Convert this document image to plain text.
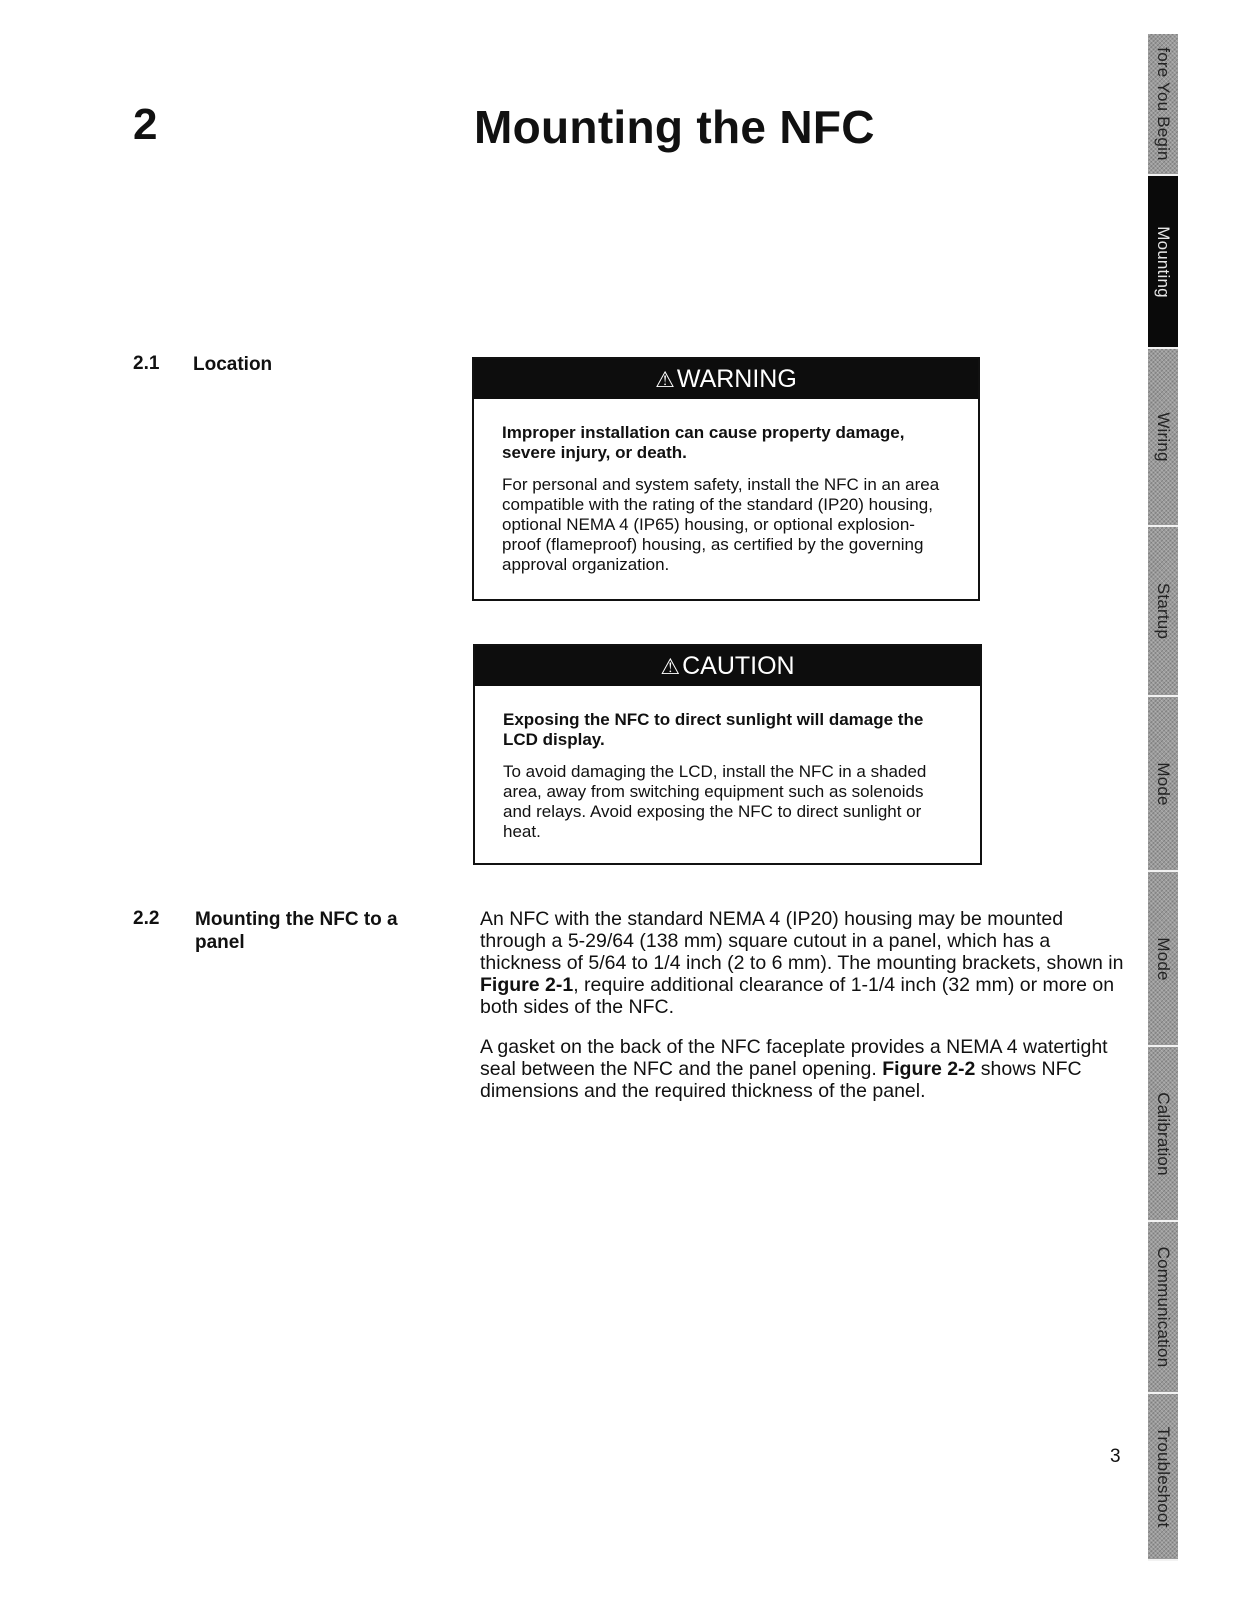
2	Mounting the NFC
2.1 Location
⚠WARNING

Improper installation can cause property damage, severe injury, or death.

For personal and system safety, install the NFC in an area compatible with the rating of the standard (IP20) housing, optional NEMA 4 (IP65) housing, or optional explosion-proof (flameproof) housing, as certified by the governing approval organization.

⚠CAUTION

Exposing the NFC to direct sunlight will damage the LCD display.

To avoid damaging the LCD, install the NFC in a shaded area, away from switching equipment such as solenoids and relays. Avoid exposing the NFC to direct sunlight or heat.

2.2 Mounting the NFC to a
panel

An NFC with the standard NEMA 4 (IP20) housing may be mounted through a 5-29/64 (138 mm) square cutout in a panel, which has a thickness of 5/64 to 1/4 inch (2 to 6 mm). The mounting brackets, shown in Figure 2-1, require additional clearance of 1-1/4 inch (32 mm) or more on both sides of the NFC.

A gasket on the back of the NFC faceplate provides a NEMA 4 watertight seal between the NFC and the panel opening. Figure 2-2 shows NFC dimensions and the required thickness of the panel.

3
fore You Begin
Mounting
Wiring
Startup
Mode
Mode
Calibration
Communication
Troubleshoot
